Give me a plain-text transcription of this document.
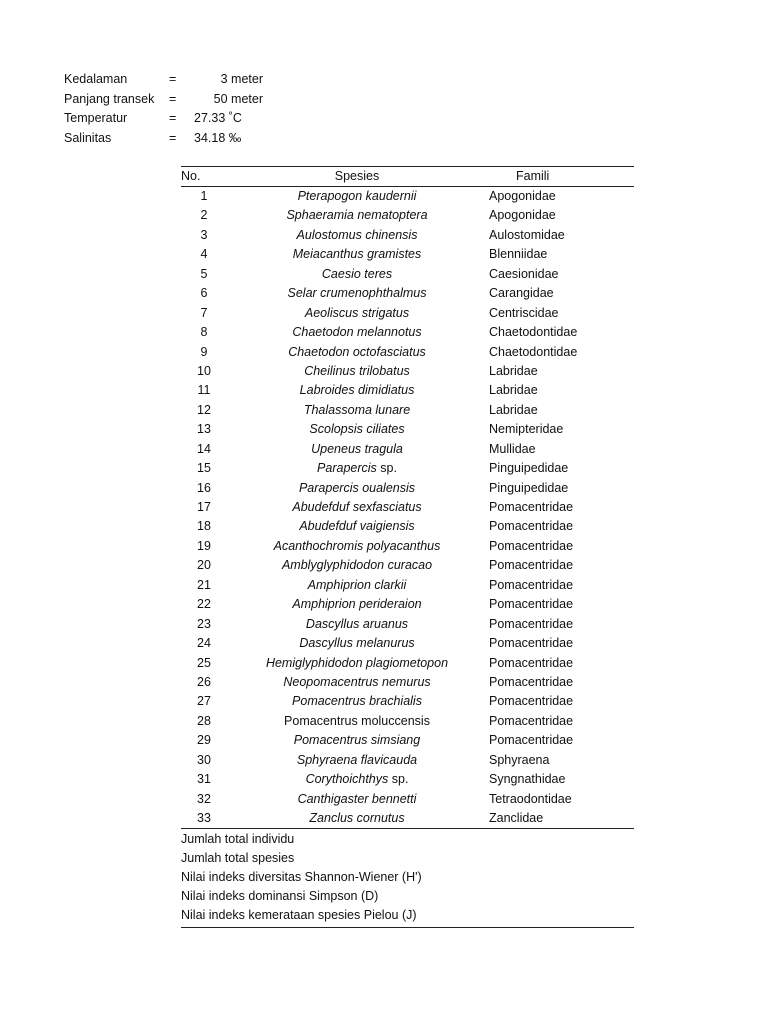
Kedalaman	=	3 meter
Panjang transek =	50 meter
Temperatur	= 27.33 ˚C
Salinitas	= 34.18 ‰
No.	Spesies	Famili
1	Pterapogon kaudernii	Apogonidae
2	Sphaeramia nematoptera	Apogonidae
3	Aulostomus chinensis	Aulostomidae
4	Meiacanthus gramistes	Blenniidae
5	Caesio teres	Caesionidae
6	Selar crumenophthalmus	Carangidae
7	Aeoliscus strigatus	Centriscidae
8	Chaetodon melannotus	Chaetodontidae
9	Chaetodon octofasciatus	Chaetodontidae
10	Cheilinus trilobatus	Labridae
11	Labroides dimidiatus	Labridae
12	Thalassoma lunare	Labridae
13	Scolopsis ciliates	Nemipteridae
14	Upeneus tragula	Mullidae
15	Parapercis sp.	Pinguipedidae
16	Parapercis oualensis	Pinguipedidae
17	Abudefduf sexfasciatus	Pomacentridae
18	Abudefduf vaigiensis	Pomacentridae
19	Acanthochromis polyacanthus	Pomacentridae
20	Amblyglyphidodon curacao	Pomacentridae
21	Amphiprion clarkii	Pomacentridae
22	Amphiprion perideraion	Pomacentridae
23	Dascyllus aruanus	Pomacentridae
24	Dascyllus melanurus	Pomacentridae
25	Hemiglyphidodon plagiometopon	Pomacentridae
26	Neopomacentrus nemurus	Pomacentridae
27	Pomacentrus brachialis	Pomacentridae
28	Pomacentrus moluccensis	Pomacentridae
29	Pomacentrus simsiang	Pomacentridae
30	Sphyraena flavicauda	Sphyraena
31	Corythoichthys sp.	Syngnathidae
32	Canthigaster bennetti	Tetraodontidae
33	Zanclus cornutus	Zanclidae
Jumlah total individu
Jumlah total spesies
Nilai indeks diversitas Shannon-Wiener (H')
Nilai indeks dominansi Simpson (D)
Nilai indeks kemerataan spesies Pielou (J)
